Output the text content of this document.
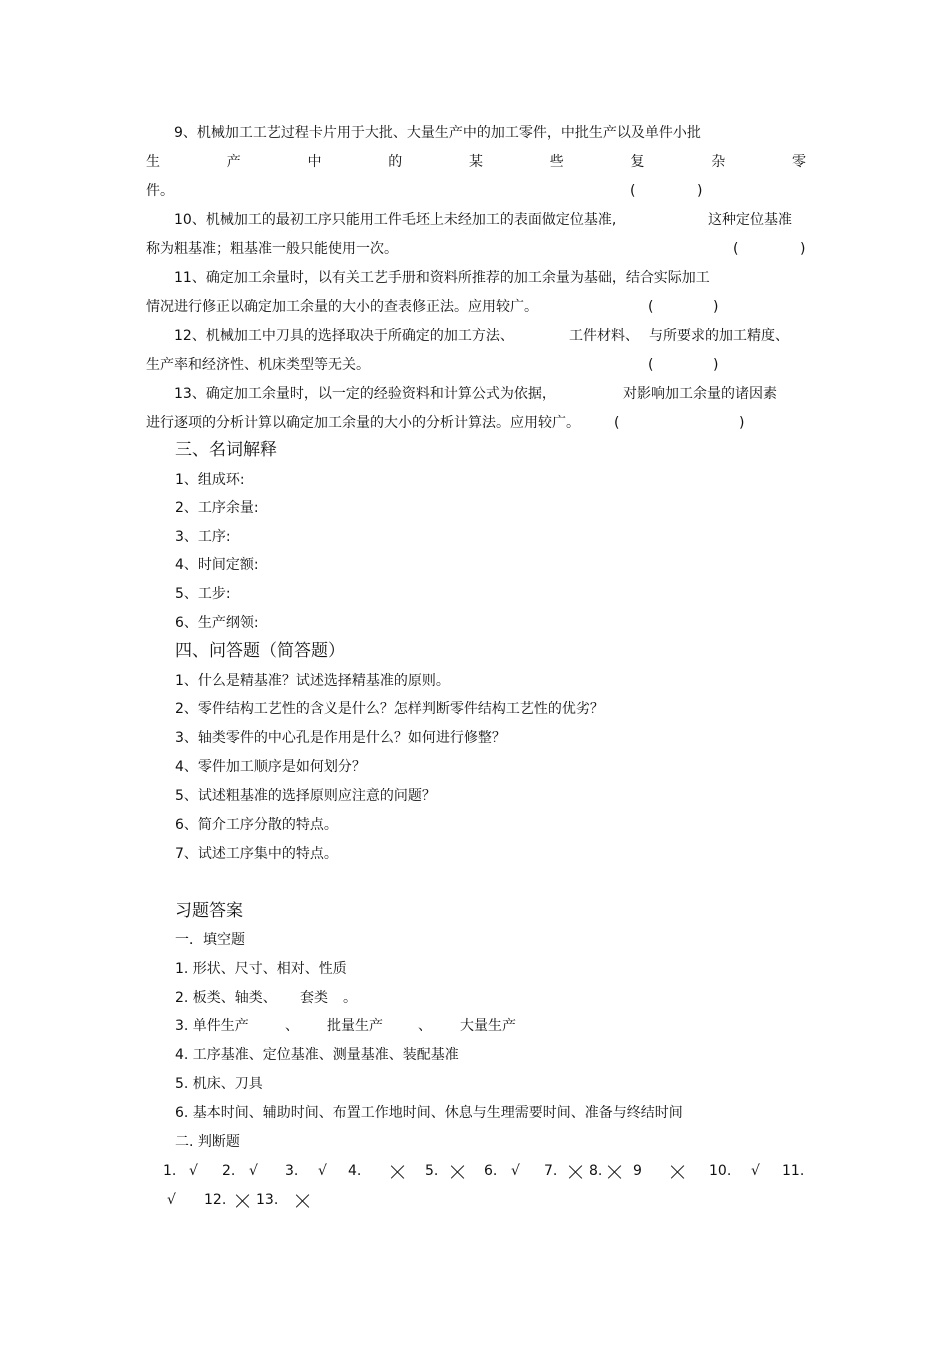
9、机械加工工艺过程卡片用于大批、大量生产中的加工零件，中批生产以及单件小批
生	产	中	的	某	些	复	杂	零
件。	(	)
10、机械加工的最初工序只能用工件毛坯上未经加工的表面做定位基准,	这种定位基准
称为粗基准；粗基准一般只能使用一次。	(	)
11、确定加工余量时，以有关工艺手册和资料所推荐的加工余量为基础，结合实际加工
情况进行修正以确定加工余量的大小的查表修正法。应用较广。	(	)
12、机械加工中刀具的选择取决于所确定的加工方法、	工件材料、 与所要求的加工精度、
生产率和经济性、机床类型等无关。	(	)
13、确定加工余量时，以一定的经验资料和计算公式为依据，	对影响加工余量的诸因素
进行逐项的分析计算以确定加工余量的大小的分析计算法。应用较广。 (	)
三、名词解释
1、组成环:
2、工序余量:
3、工序:
4、时间定额:
5、工步:
6、生产纲领:
四、问答题（简答题）
1、什么是精基准？试述选择精基准的原则。
2、零件结构工艺性的含义是什么？怎样判断零件结构工艺性的优劣？
3、轴类零件的中心孔是作用是什么？如何进行修整？
4、零件加工顺序是如何划分？
5、试述粗基准的选择原则应注意的问题？
6、简介工序分散的特点。
7、试述工序集中的特点。
习题答案
一．填空题
1. 形状、尺寸、相对、性质
2. 板类、轴类、 套类 。
3. 单件生产	、 批量生产	、 大量生产
4. 工序基准、定位基准、测量基准、装配基准
5. 机床、刀具
6. 基本时间、辅助时间、布置工作地时间、休息与生理需要时间、准备与终结时间
二. 判断题
1. √ 2. √ 3. √ 4.	5.	6. √ 7. 8. 9	10. √ 11.
√ 12. 13.
